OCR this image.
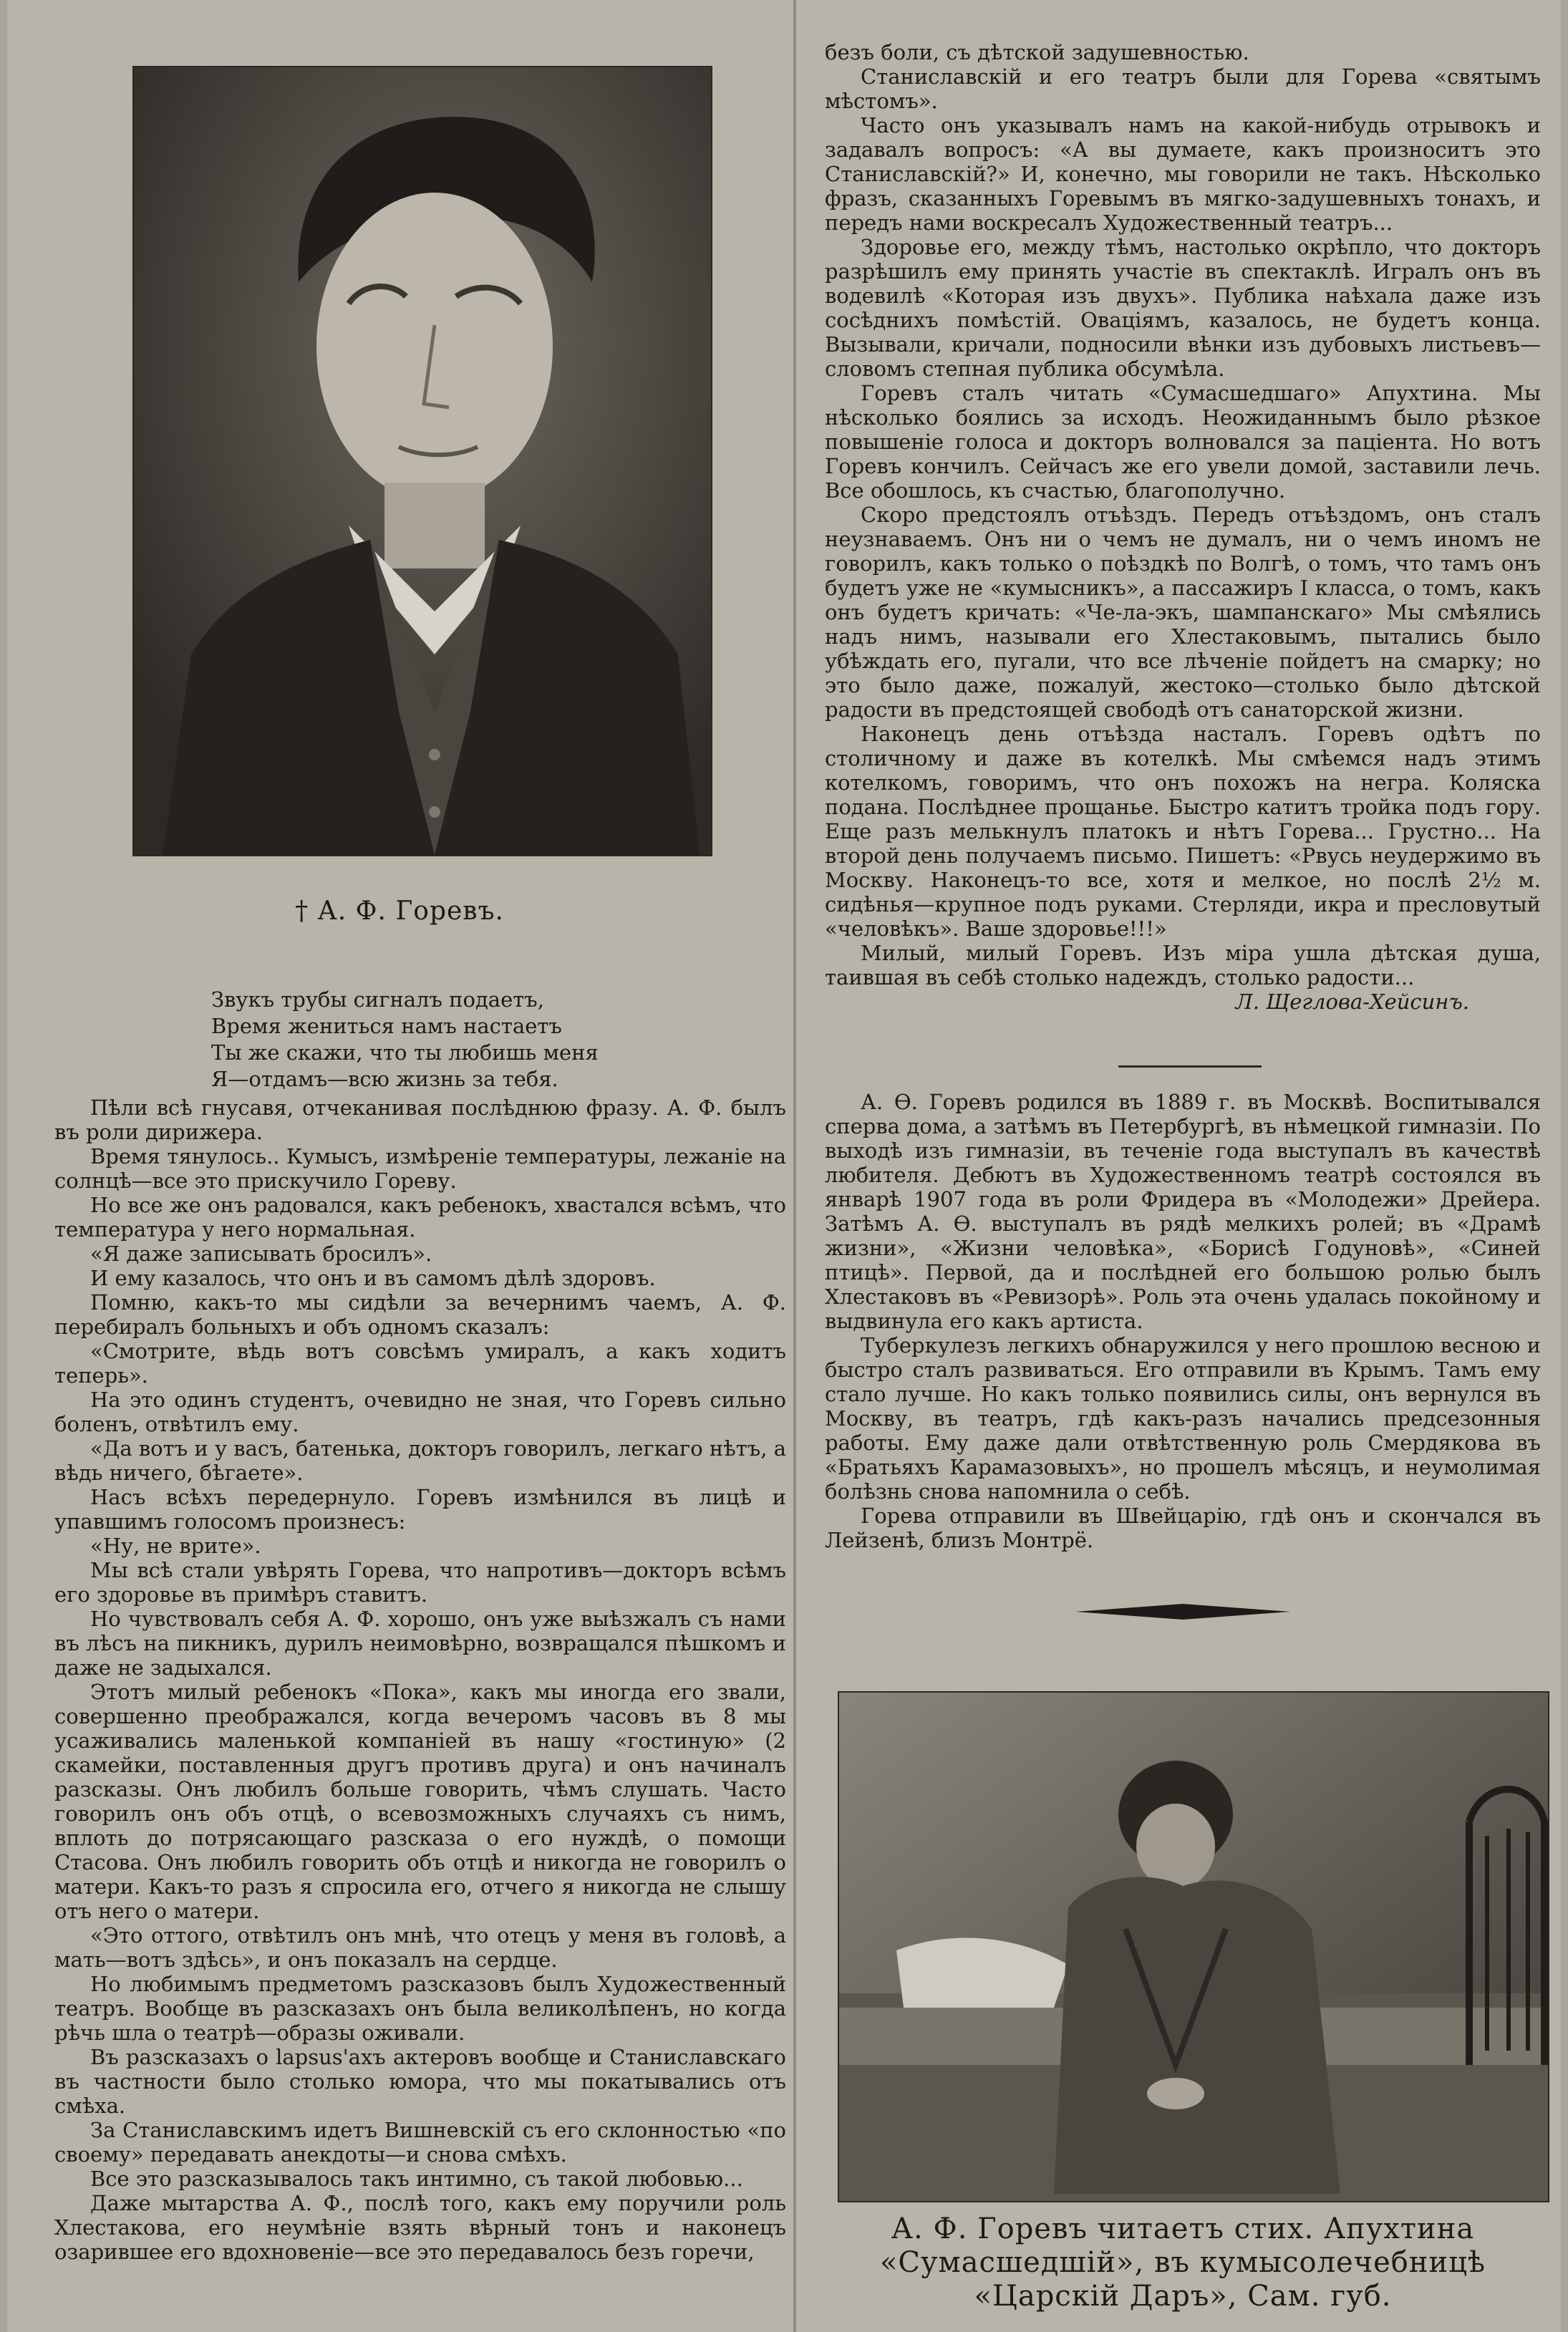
† А. Ф. Горевъ.
Звукъ трубы сигналъ подаетъ,
Время жениться намъ настаетъ
Ты же скажи, что ты любишь меня
Я—отдамъ—всю жизнь за тебя.

Пѣли всѣ гнусавя, отчеканивая послѣднюю фразу. А. Ф. былъ въ роли дирижера.

Время тянулось.. Кумысъ, измѣреніе температуры, лежаніе на солнцѣ—все это прискучило Гореву.

Но все же онъ радовался, какъ ребенокъ, хвастался всѣмъ, что температура у него нормальная.

«Я даже записывать бросилъ».

И ему казалось, что онъ и въ самомъ дѣлѣ здоровъ.

Помню, какъ-то мы сидѣли за вечернимъ чаемъ, А. Ф. перебиралъ больныхъ и объ одномъ сказалъ:

«Смотрите, вѣдь вотъ совсѣмъ умиралъ, а какъ ходитъ теперь».

На это одинъ студентъ, очевидно не зная, что Горевъ сильно боленъ, отвѣтилъ ему.

«Да вотъ и у васъ, батенька, докторъ говорилъ, легкаго нѣтъ, а вѣдь ничего, бѣгаете».

Насъ всѣхъ передернуло. Горевъ измѣнился въ лицѣ и упавшимъ голосомъ произнесъ:

«Ну, не врите».

Мы всѣ стали увѣрять Горева, что напротивъ—докторъ всѣмъ его здоровье въ примѣръ ставитъ.

Но чувствовалъ себя А. Ф. хорошо, онъ уже выѣзжалъ съ нами въ лѣсъ на пикникъ, дурилъ неимовѣрно, возвращался пѣшкомъ и даже не задыхался.

Этотъ милый ребенокъ «Пока», какъ мы иногда его звали, совершенно преображался, когда вечеромъ часовъ въ 8 мы усаживались маленькой компаніей въ нашу «гостиную» (2 скамейки, поставленныя другъ противъ друга) и онъ начиналъ разсказы. Онъ любилъ больше говорить, чѣмъ слушать. Часто говорилъ онъ объ отцѣ, о всевозможныхъ случаяхъ съ нимъ, вплоть до потрясающаго разсказа о его нуждѣ, о помощи Стасова. Онъ любилъ говорить объ отцѣ и никогда не говорилъ о матери. Какъ-то разъ я спросила его, отчего я никогда не слышу отъ него о матери.

«Это оттого, отвѣтилъ онъ мнѣ, что отецъ у меня въ головѣ, а мать—вотъ здѣсь», и онъ показалъ на сердце.

Но любимымъ предметомъ разсказовъ былъ Художественный театръ. Вообще въ разсказахъ онъ была великолѣпенъ, но когда рѣчь шла о театрѣ—образы оживали.

Въ разсказахъ о lapsus'ахъ актеровъ вообще и Станиславскаго въ частности было столько юмора, что мы покатывались отъ смѣха.

За Станиславскимъ идетъ Вишневскій съ его склонностью «по своему» передавать анекдоты—и снова смѣхъ.

Все это разсказывалось такъ интимно, съ такой любовью...

Даже мытарства А. Ф., послѣ того, какъ ему поручили роль Хлестакова, его неумѣніе взять вѣрный тонъ и наконецъ озарившее его вдохновеніе—все это передавалось безъ горечи,

безъ боли, съ дѣтской задушевностью.

Станиславскій и его театръ были для Горева «святымъ мѣстомъ».

Часто онъ указывалъ намъ на какой-нибудь отрывокъ и задавалъ вопросъ: «А вы думаете, какъ произноситъ это Станиславскій?» И, конечно, мы говорили не такъ. Нѣсколько фразъ, сказанныхъ Горевымъ въ мягко-задушевныхъ тонахъ, и передъ нами воскресалъ Художественный театръ...

Здоровье его, между тѣмъ, настолько окрѣпло, что докторъ разрѣшилъ ему принять участіе въ спектаклѣ. Игралъ онъ въ водевилѣ «Которая изъ двухъ». Публика наѣхала даже изъ сосѣднихъ помѣстій. Оваціямъ, казалось, не будетъ конца. Вызывали, кричали, подносили вѣнки изъ дубовыхъ листьевъ—словомъ степная публика обсумѣла.

Горевъ сталъ читать «Сумасшедшаго» Апухтина. Мы нѣсколько боялись за исходъ. Неожиданнымъ было рѣзкое повышеніе голоса и докторъ волновался за паціента. Но вотъ Горевъ кончилъ. Сейчасъ же его увели домой, заставили лечь. Все обошлось, къ счастью, благополучно.

Скоро предстоялъ отъѣздъ. Передъ отъѣздомъ, онъ сталъ неузнаваемъ. Онъ ни о чемъ не думалъ, ни о чемъ иномъ не говорилъ, какъ только о поѣздкѣ по Волгѣ, о томъ, что тамъ онъ будетъ уже не «кумысникъ», а пассажиръ I класса, о томъ, какъ онъ будетъ кричать: «Че-ла-экъ, шампанскаго» Мы смѣялись надъ нимъ, называли его Хлестаковымъ, пытались было убѣждать его, пугали, что все лѣченіе пойдетъ на смарку; но это было даже, пожалуй, жестоко—столько было дѣтской радости въ предстоящей свободѣ отъ санаторской жизни.

Наконецъ день отъѣзда насталъ. Горевъ одѣтъ по столичному и даже въ котелкѣ. Мы смѣемся надъ этимъ котелкомъ, говоримъ, что онъ похожъ на негра. Коляска подана. Послѣднее прощанье. Быстро катитъ тройка подъ гору. Еще разъ мелькнулъ платокъ и нѣтъ Горева... Грустно... На второй день получаемъ письмо. Пишетъ: «Рвусь неудержимо въ Москву. Наконецъ-то все, хотя и мелкое, но послѣ 2½ м. сидѣнья—крупное подъ руками. Стерляди, икра и пресловутый «человѣкъ». Ваше здоровье!!!»

Милый, милый Горевъ. Изъ міра ушла дѣтская душа, таившая въ себѣ столько надеждъ, столько радости...

Л. Щеглова-Хейсинъ.

А. Ө. Горевъ родился въ 1889 г. въ Москвѣ. Воспитывался сперва дома, а затѣмъ въ Петербургѣ, въ нѣмецкой гимназіи. По выходѣ изъ гимназіи, въ теченіе года выступалъ въ качествѣ любителя. Дебютъ въ Художественномъ театрѣ состоялся въ январѣ 1907 года въ роли Фридера въ «Молодежи» Дрейера. Затѣмъ А. Ө. выступалъ въ рядѣ мелкихъ ролей; въ «Драмѣ жизни», «Жизни человѣка», «Борисѣ Годуновѣ», «Синей птицѣ». Первой, да и послѣдней его большою ролью былъ Хлестаковъ въ «Ревизорѣ». Роль эта очень удалась покойному и выдвинула его какъ артиста.

Туберкулезъ легкихъ обнаружился у него прошлою весною и быстро сталъ развиваться. Его отправили въ Крымъ. Тамъ ему стало лучше. Но какъ только появились силы, онъ вернулся въ Москву, въ театръ, гдѣ какъ-разъ начались предсезонныя работы. Ему даже дали отвѣтственную роль Смердякова въ «Братьяхъ Карамазовыхъ», но прошелъ мѣсяцъ, и неумолимая болѣзнь снова напомнила о себѣ.

Горева отправили въ Швейцарію, гдѣ онъ и скончался въ Лейзенѣ, близъ Монтрё.

А. Ф. Горевъ читаетъ стих. Апухтина «Сумасшедшій», въ кумысолечебницѣ «Царскій Даръ», Сам. губ.
